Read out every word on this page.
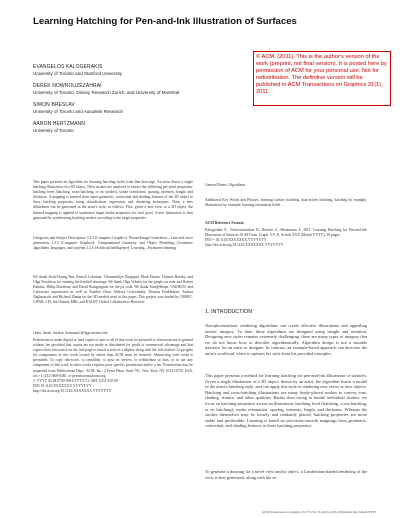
Learning Hatching for Pen-and-Ink Illustration of Surfaces
EVANGELOS KALOGERAKIS
University of Toronto and Stanford University
DEREK NOWROUZEZAHRAI
University of Toronto, Disney Research Zurich, and University of Montreal
SIMON BRESLAV
University of Toronto and Autodesk Research
AARON HERTZMANN
University of Toronto
© ACM, (2011). This is the author's version of the work (preprint, not final version). It is posted here by permission of ACM for your personal use. Not for redistribution. The definitive version will be published in ACM Transactions on Graphics 31(1), 2011.
This paper presents an algorithm for learning hatching styles from line drawings. An artist draws a single hatching illustration of a 3D object. Their strokes are analyzed to extract the following per-pixel properties: hatching level (hatching, cross-hatching, or no strokes), stroke orientation, spacing, intensity, length, and thickness. A mapping is learned from input geometric, contextual and shading features of the 3D object to these hatching properties, using classification, regression, and clustering techniques. Then, a new illustration can be generated in the artist's style, as follows. First, given a new view of a 3D object, the learned mapping is applied to synthesize target stroke properties for each pixel. A new illustration is then generated by synthesizing hatching strokes according to the target properties.
Categories and Subject Descriptors: I.3.5 [Computer Graphics]: Picture/Image Generation—Line and curve generation; I.3.5 [Computer Graphics]: Computational Geometry and Object Modeling—Geometric algorithms, languages, and systems; I.2.6 [Artificial Intelligence]: Learning—Parameter learning
We thank Seok-Hyung Bae, Patrick Coleman, Vikramaditya Dasgupta, Mark Hazen, Thomas Hendry, and Olga Vesselova for creating the hatched drawings. We thank Olga Veksler for the graph cut code and Robert Kalnins, Philip Davidson, and David Bourguignon for the jot code. We thank Aim@Shape, VAKHUN, and Cyberware repositories as well as Xiaobai Chen, Aleksey Golovinskiy, Thomas Funkhouser, Andrea Tagliasacchi and Richard Zhang for the 3D models used in this paper. This project was funded by NSERC, CIFAR, CFI, the Ontario MRI, and KAUST Global Collaborative Research.
{kalo, derek, breslav, hertzman}@dgp.toronto.edu
Permission to make digital or hard copies of part or all of this work for personal or classroom use is granted without fee provided that copies are not made or distributed for profit or commercial advantage and that copies show this notice on the first page or initial screen of a display along with the full citation. Copyrights for components of this work owned by others than ACM must be honored. Abstracting with credit is permitted. To copy otherwise, to republish, to post on servers, to redistribute to lists, or to use any component of this work in other works requires prior specific permission and/or a fee. Permissions may be requested from Publications Dept., ACM, Inc., 2 Penn Plaza, Suite 701, New York, NY 10121-0701 USA, fax +1 (212) 869-0481, or permissions@acm.org.
© YYYY ACM 0730-0301/YYYY/11-ART XXX $10.00
DOI 10.1145/XXXXXXX.YYYYYYY
http://doi.acm.org/10.1145/XXXXXXX.YYYYYYY
General Terms: Algorithms
Additional Key Words and Phrases: learning surface hatching, data-driven hatching, hatching by example, illustrations by example, learning orientation fields
ACM Reference Format:
Kalogerakis E., Nowrouzezahrai D., Breslav S., Hertzmann A. 2011. Learning Hatching for Pen-and-Ink Illustration of Surfaces ACM Trans. Graph. VV, N, Article XXX (Month YYYY), 18 pages.
DOI = 10.1145/XXXXXXX.YYYYYYY
http://doi.acm.org/10.1145/XXXXXXX.YYYYYYY
1. INTRODUCTION
Non-photorealistic rendering algorithms can create effective illustrations and appealing artistic imagery. To date, these algorithms are designed using insight and intuition. Designing new styles remains extremely challenging: there are many types of imagery that we do not know how to describe algorithmically. Algorithm design is not a suitable interface for an artist or designer. In contrast, an example-based approach can decrease the artist's workload, when it captures his style from his provided examples.
This paper presents a method for learning hatching for pen-and-ink illustration of surfaces. Given a single illustration of a 3D object, drawn by an artist, the algorithm learns a model of the artist's hatching style, and can apply this style to rendering new views or new objects. Hatching and cross-hatching illustrations use many finely-placed strokes to convey tone, shading, texture, and other qualities. Rather than trying to model individual strokes, we focus on hatching properties across an illustration: hatching level (hatching, cross-hatching, or no hatching), stroke orientation, spacing, intensity, length, and thickness. Whereas the strokes themselves may be loosely and randomly placed, hatching properties are more stable and predictable. Learning is based on piecewise-smooth mappings from geometric, contextual, and shading features to these hatching properties.
To generate a drawing for a novel view and/or object, a Lambertian-shaded rendering of the view is first generated, along with the se-
ACM Transactions on Graphics, Vol. VV, No. N, Article XXX, Publication date: Month YYYY.
